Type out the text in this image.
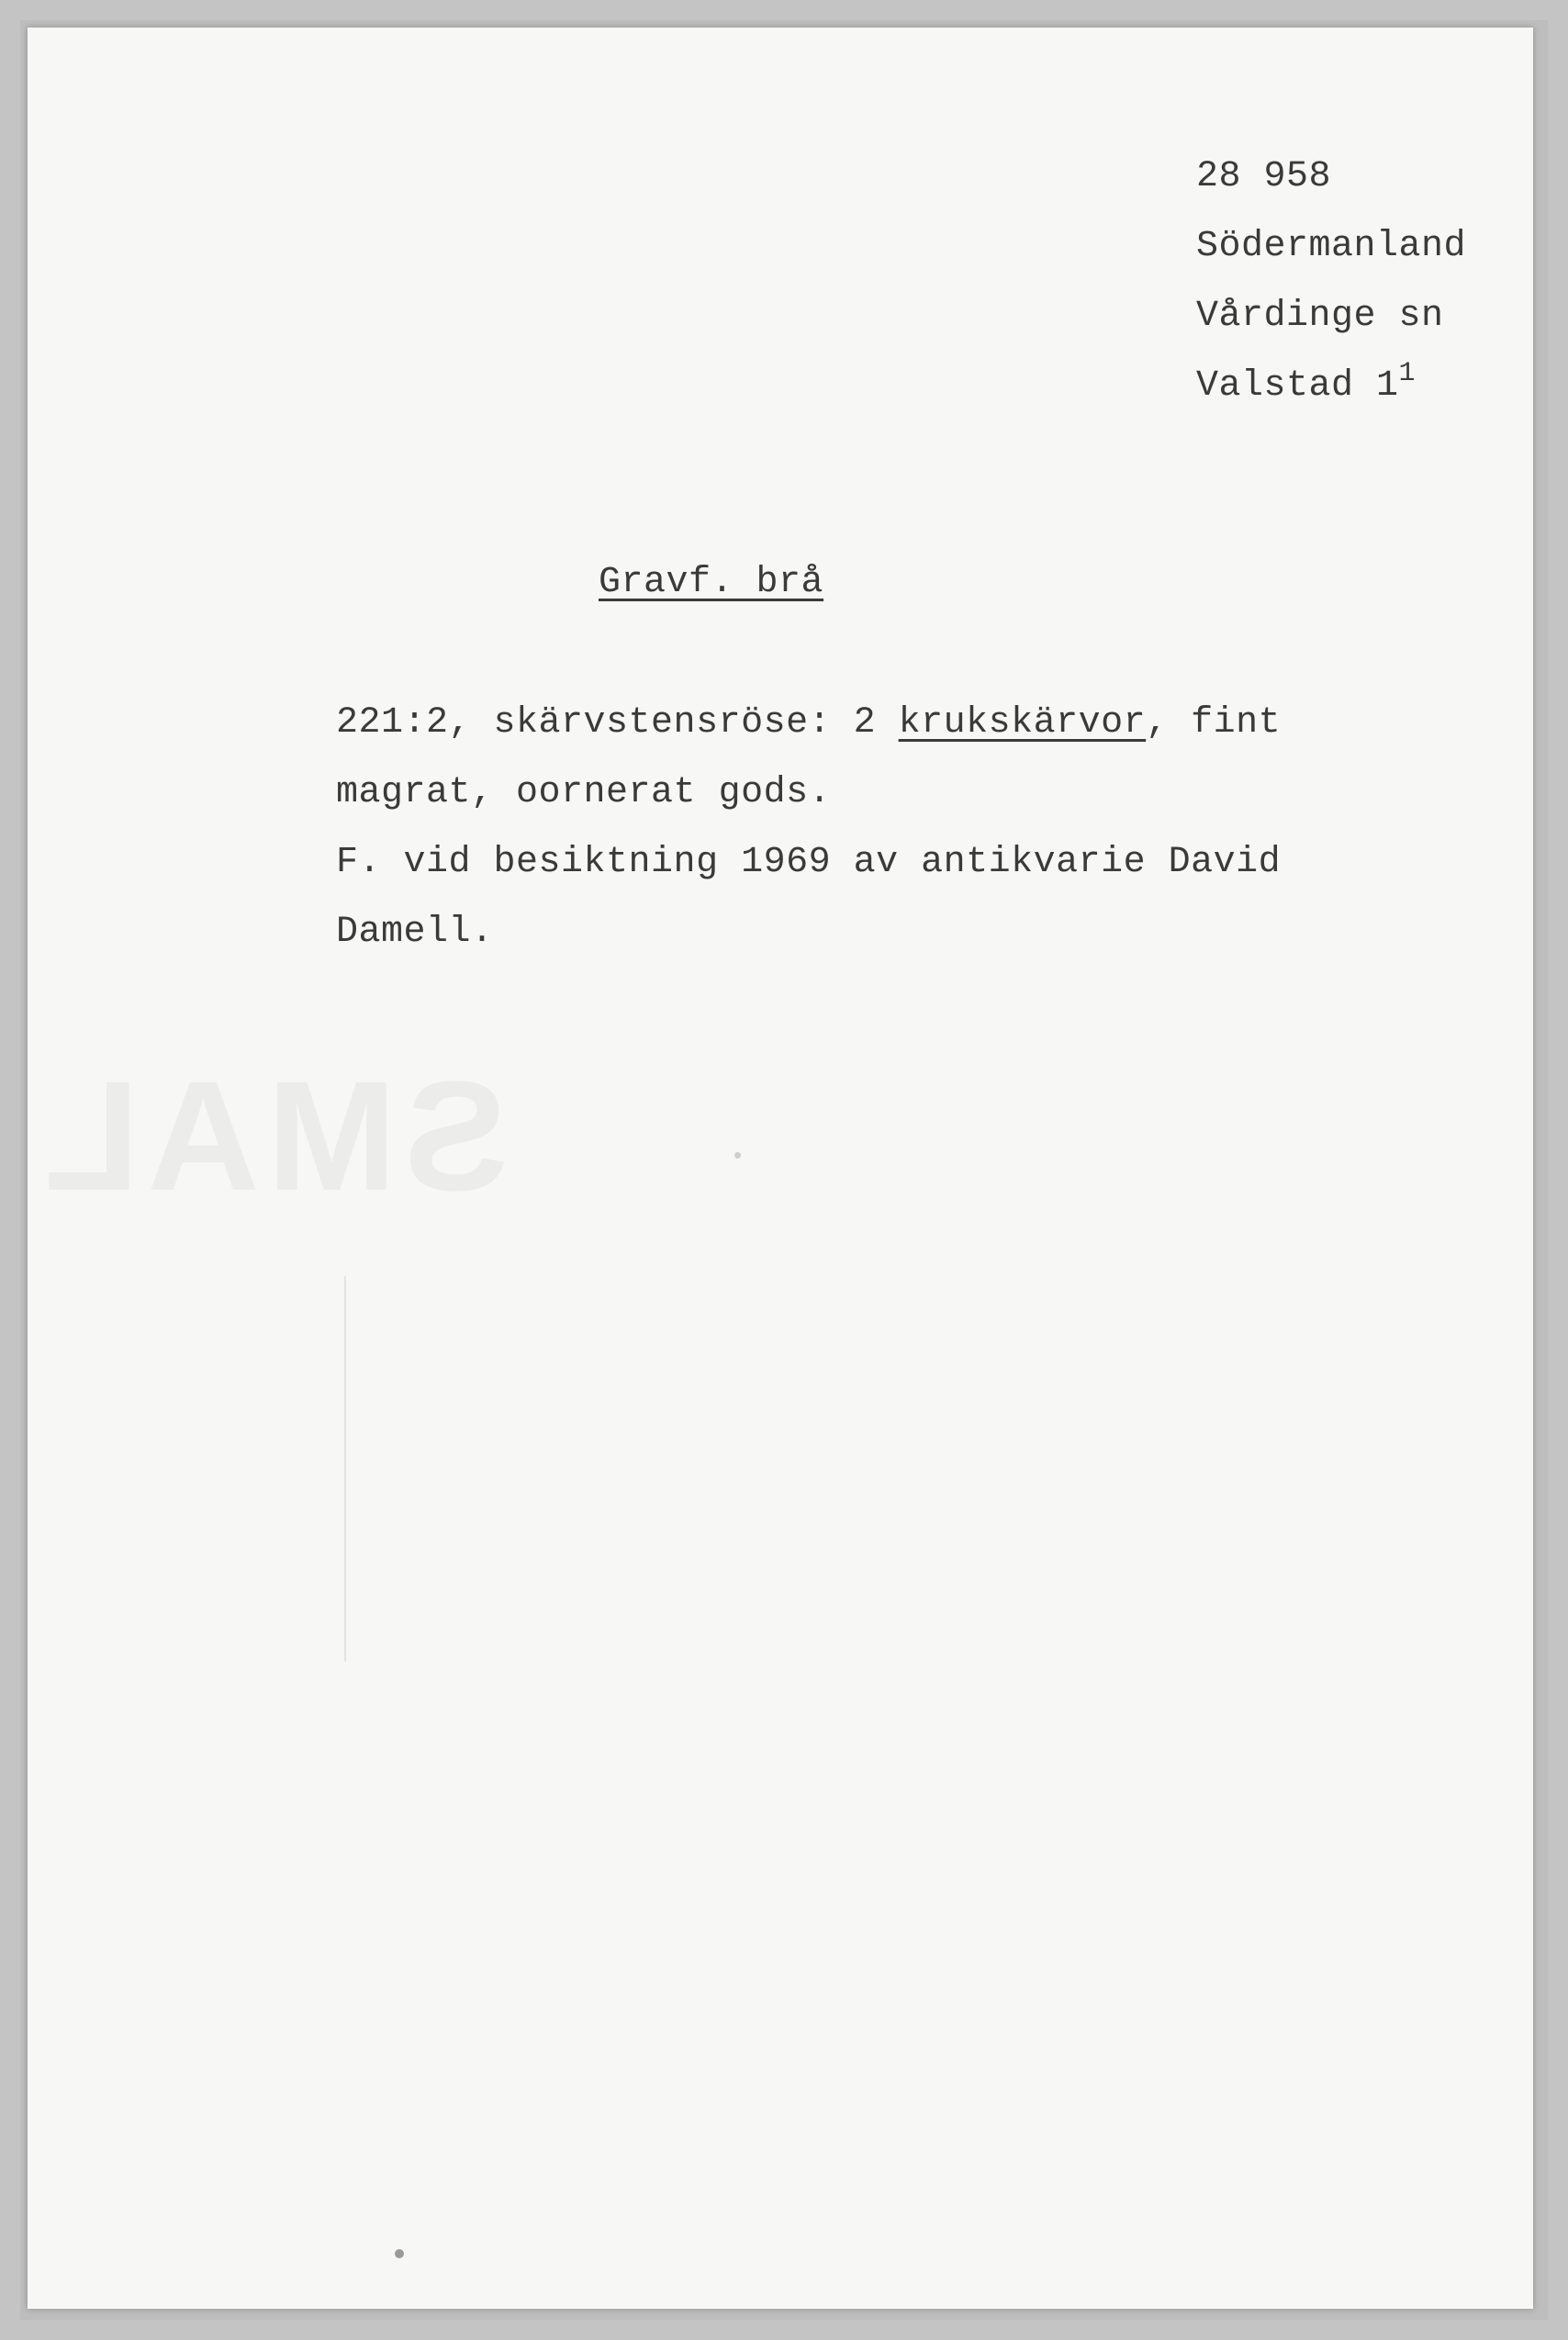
28 958
Södermanland
Vårdinge sn
Valstad $1^1$
Gravf. brå
221:2, skärvstensröse: 2 krukskärvor, fint
magrat, oornerat gods.
F. vid besiktning 1969 av antikvarie David
Damell.
